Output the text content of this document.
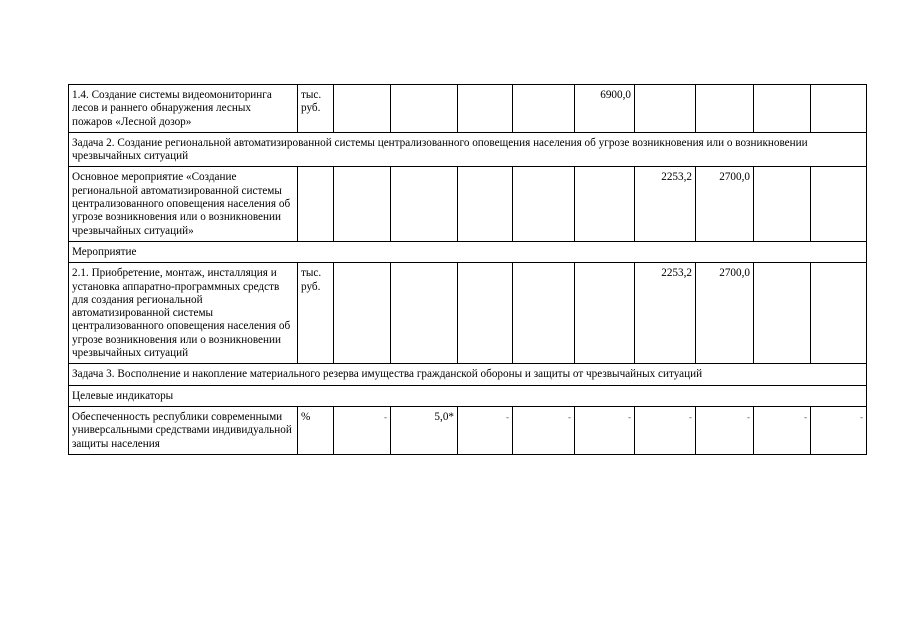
1.4. Создание системы видеомониторинга лесов и раннего обнаружения лесных пожаров «Лесной дозор»	тыс. руб.					6900,0				
Задача 2. Создание региональной автоматизированной системы централизованного оповещения населения об угрозе возникновения или о возникновении чрезвычайных ситуаций										
Основное мероприятие «Создание региональной автоматизированной системы централизованного оповещения населения об угрозе возникновения или о возникновении чрезвычайных ситуаций»							2253,2	2700,0		
Мероприятие										
2.1. Приобретение, монтаж, инсталляция и установка аппаратно-программных средств для создания региональной автоматизированной системы централизованного оповещения населения об угрозе возникновения или о возникновении чрезвычайных ситуаций	тыс. руб.						2253,2	2700,0		
Задача 3. Восполнение и накопление материального резерва имущества гражданской обороны и защиты от чрезвычайных ситуаций										
Целевые индикаторы										
Обеспеченность республики современными универсальными средствами индивидуальной защиты населения	%	-	5,0*	-	-	-	-	-	-	-
